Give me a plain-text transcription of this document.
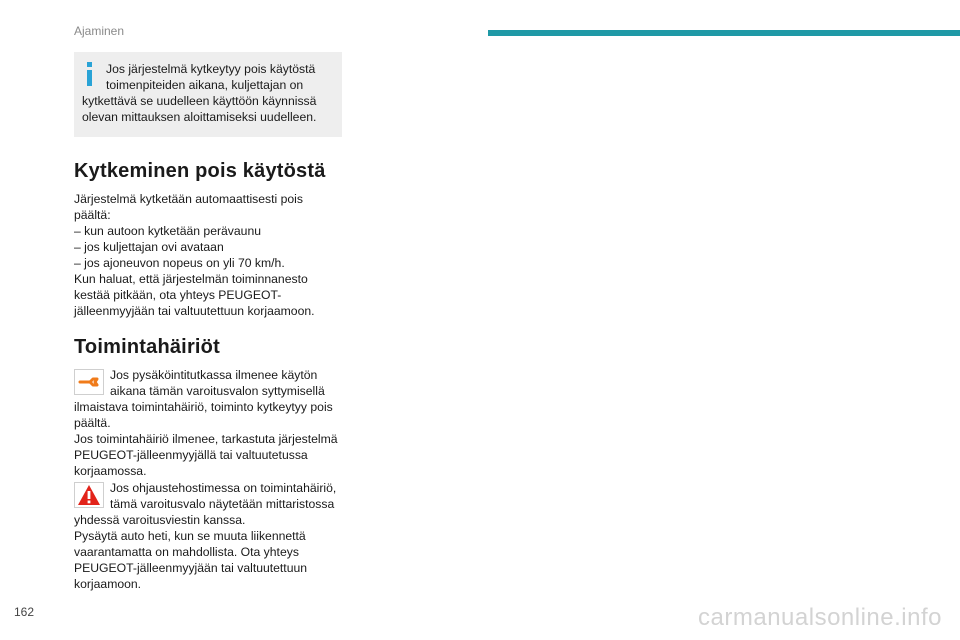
Ajaminen
Jos järjestelmä kytkeytyy pois käytöstä
toimenpiteiden aikana, kuljettajan on
kytkettävä se uudelleen käyttöön käynnissä
olevan mittauksen aloittamiseksi uudelleen.
Kytkeminen pois käytöstä
Järjestelmä kytketään automaattisesti pois
päältä:
– kun autoon kytketään perävaunu
– jos kuljettajan ovi avataan
– jos ajoneuvon nopeus on yli 70 km/h.
Kun haluat, että järjestelmän toiminnanesto
kestää pitkään, ota yhteys PEUGEOT-
jälleenmyyjään tai valtuutettuun korjaamoon.
Toimintahäiriöt
Jos pysäköintitutkassa ilmenee käytön
aikana tämän varoitusvalon syttymisellä
ilmaistava toimintahäiriö, toiminto kytkeytyy pois
päältä.
Jos toimintahäiriö ilmenee, tarkastuta järjestelmä
PEUGEOT-jälleenmyyjällä tai valtuutetussa
korjaamossa.
Jos ohjaustehostimessa on toimintahäiriö,
tämä varoitusvalo näytetään mittaristossa
yhdessä varoitusviestin kanssa.
Pysäytä auto heti, kun se muuta liikennettä
vaarantamatta on mahdollista. Ota yhteys
PEUGEOT-jälleenmyyjään tai valtuutettuun
korjaamoon.
162	carmanualsonline.info
